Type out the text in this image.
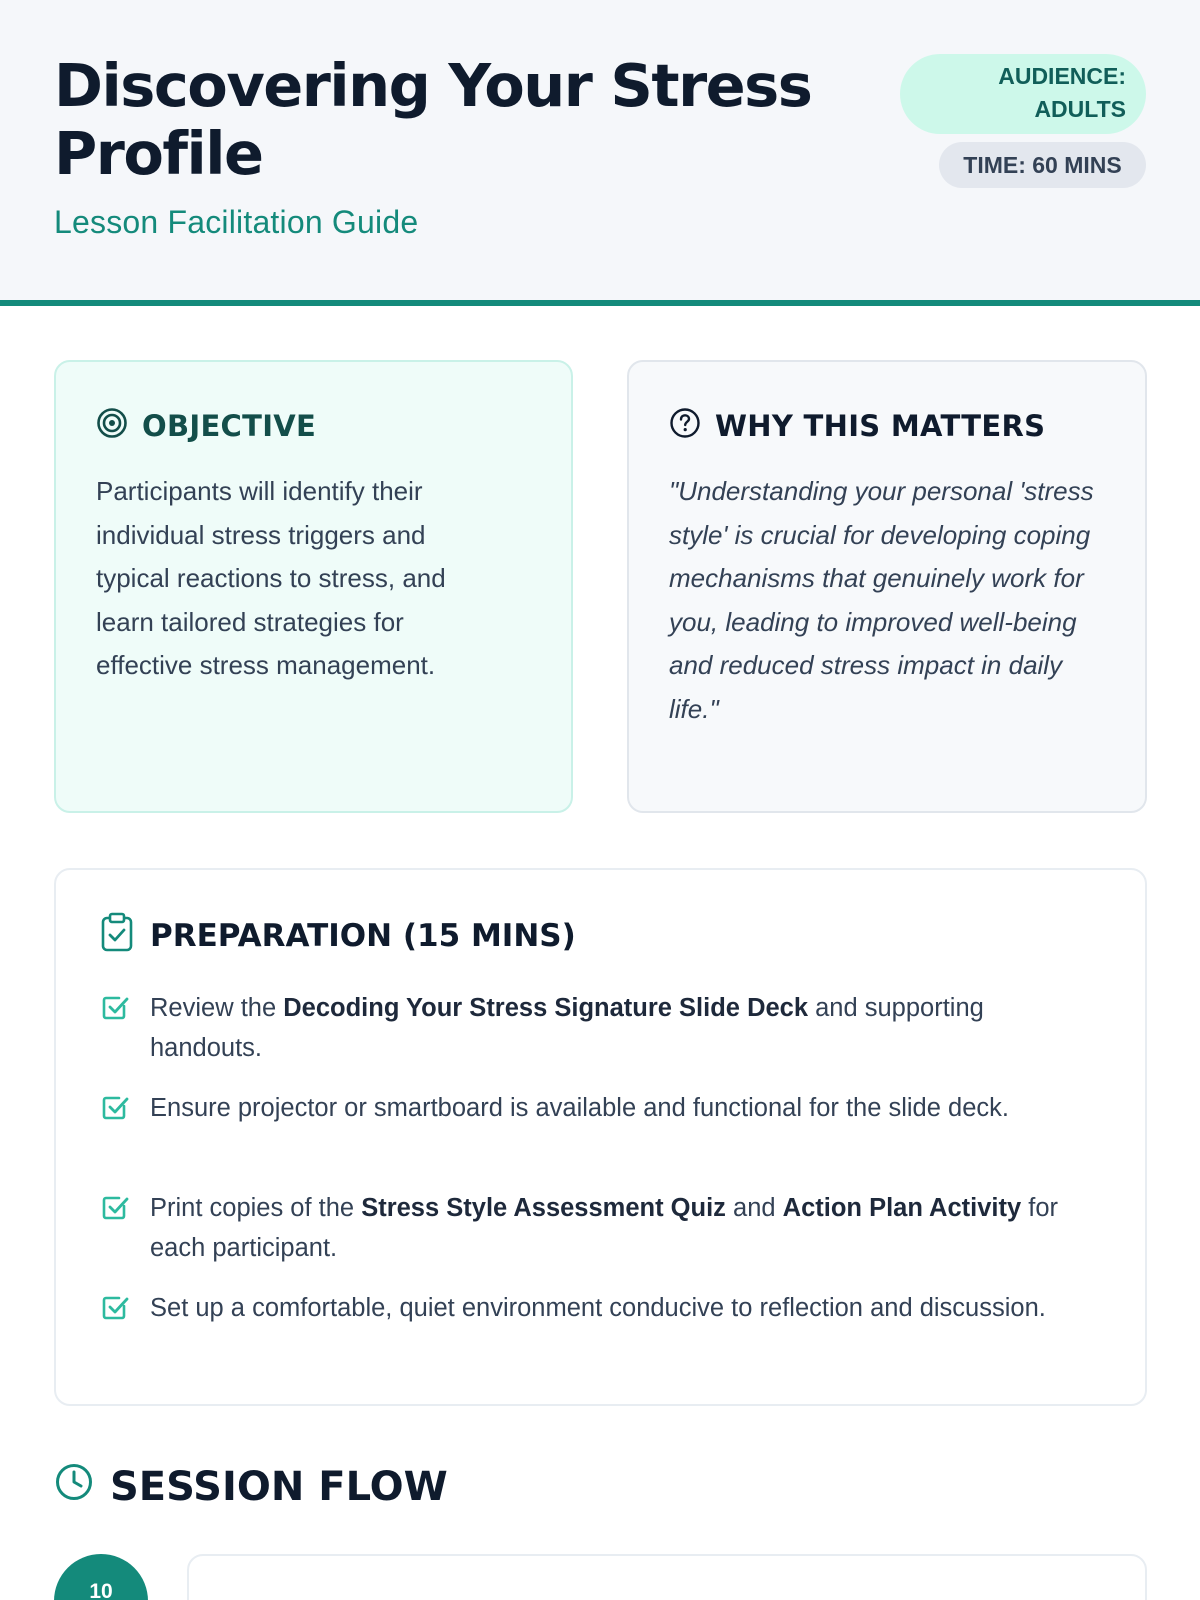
Discovering Your Stress Profile
Lesson Facilitation Guide
AUDIENCE: ADULTS
TIME: 60 MINS
OBJECTIVE

Participants will identify their individual stress triggers and typical reactions to stress, and learn tailored strategies for effective stress management.

WHY THIS MATTERS

"Understanding your personal 'stress style' is crucial for developing coping mechanisms that genuinely work for you, leading to improved well-being and reduced stress impact in daily life."

PREPARATION (15 MINS)
Review the Decoding Your Stress Signature Slide Deck and supporting handouts.
Ensure projector or smartboard is available and functional for the slide deck.
Print copies of the Stress Style Assessment Quiz and Action Plan Activity for each participant.
Set up a comfortable, quiet environment conducive to reflection and discussion.
SESSION FLOW
10
